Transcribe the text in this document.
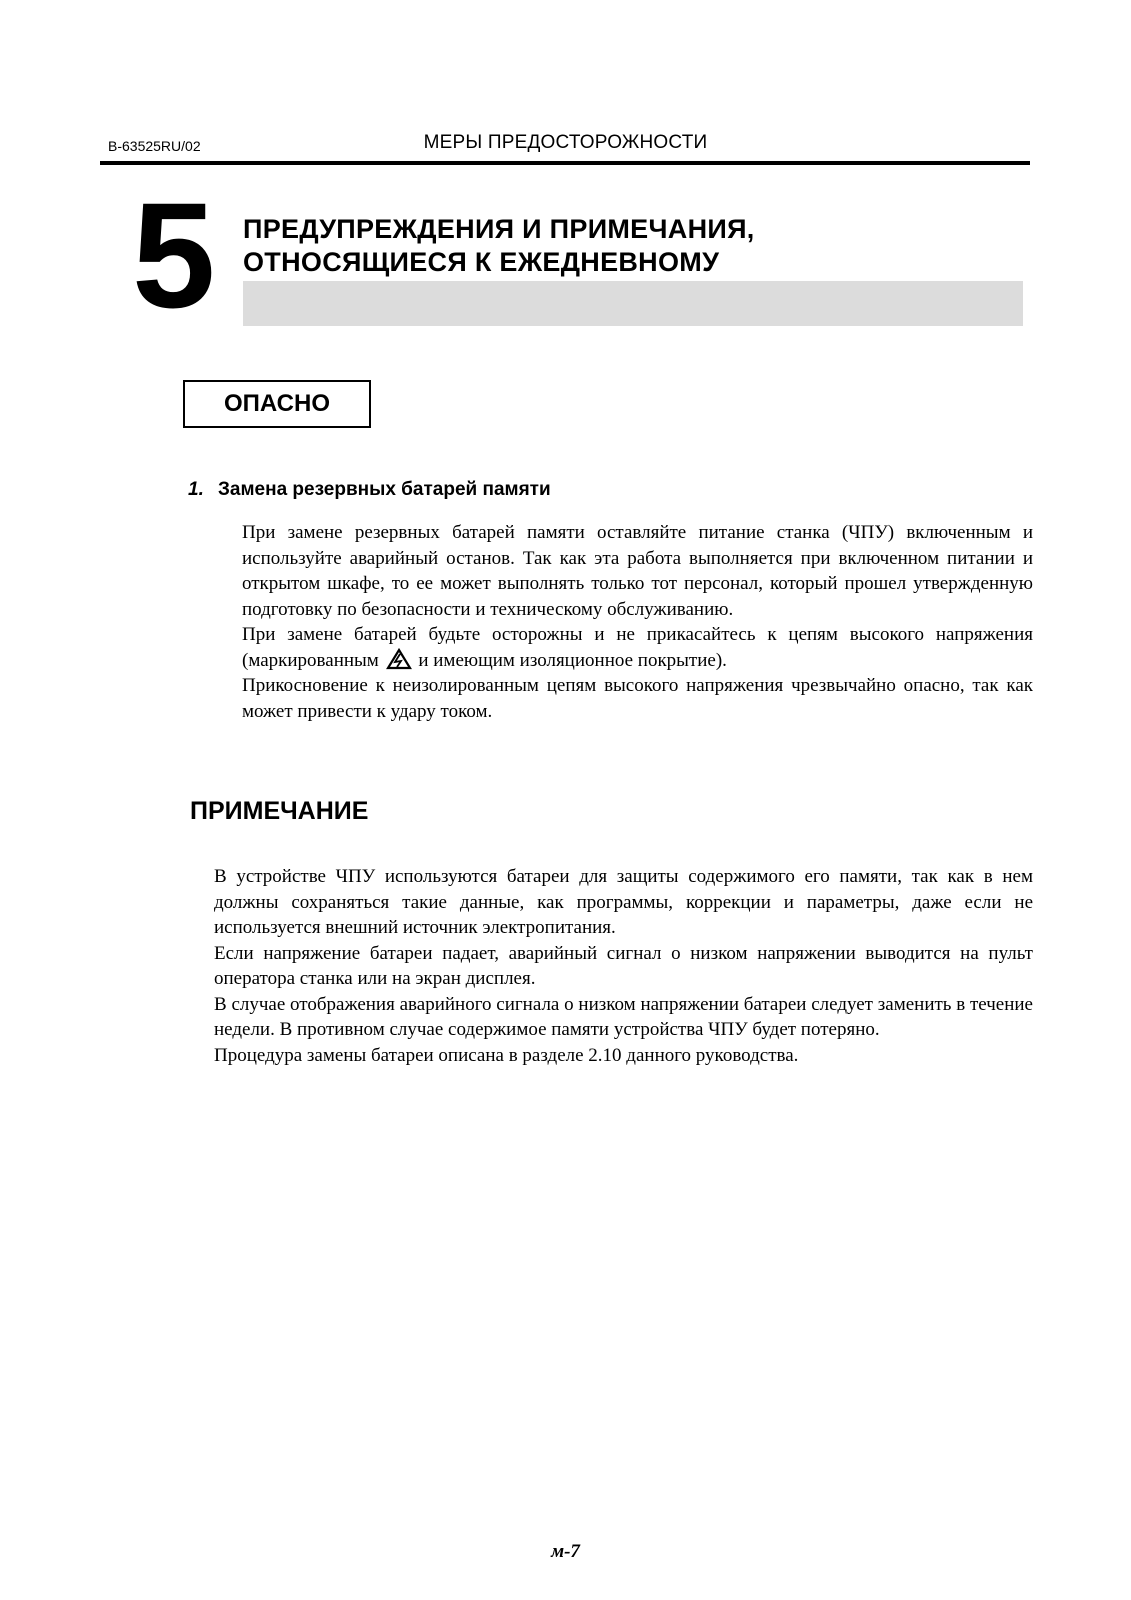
B-63525RU/02	МЕРЫ ПРЕДОСТОРОЖНОСТИ
5 ПРЕДУПРЕЖДЕНИЯ И ПРИМЕЧАНИЯ,
ОТНОСЯЩИЕСЯ К ЕЖЕДНЕВНОМУ
ОПАСНО
1. Замена резервных батарей памяти

При замене резервных батарей памяти оставляйте питание станка (ЧПУ) включенным и используйте аварийный останов. Так как эта работа выполняется при включенном питании и открытом шкафе, то ее может выполнять только тот персонал, который прошел утвержденную подготовку по безопасности и техническому обслуживанию.

При замене батарей будьте осторожны и не прикасайтесь к цепям высокого напряжения (маркированным  и имеющим изоляционное покрытие).

Прикосновение к неизолированным цепям высокого напряжения чрезвычайно опасно, так как может привести к удару током.

ПРИМЕЧАНИЕ

В устройстве ЧПУ используются батареи для защиты содержимого его памяти, так как в нем должны сохраняться такие данные, как программы, коррекции и параметры, даже если не используется внешний источник электропитания.

Если напряжение батареи падает, аварийный сигнал о низком напряжении выводится на пульт оператора станка или на экран дисплея.

В случае отображения аварийного сигнала о низком напряжении батареи следует заменить в течение недели. В противном случае содержимое памяти устройства ЧПУ будет потеряно.

Процедура замены батареи описана в разделе 2.10 данного руководства.

м-7
